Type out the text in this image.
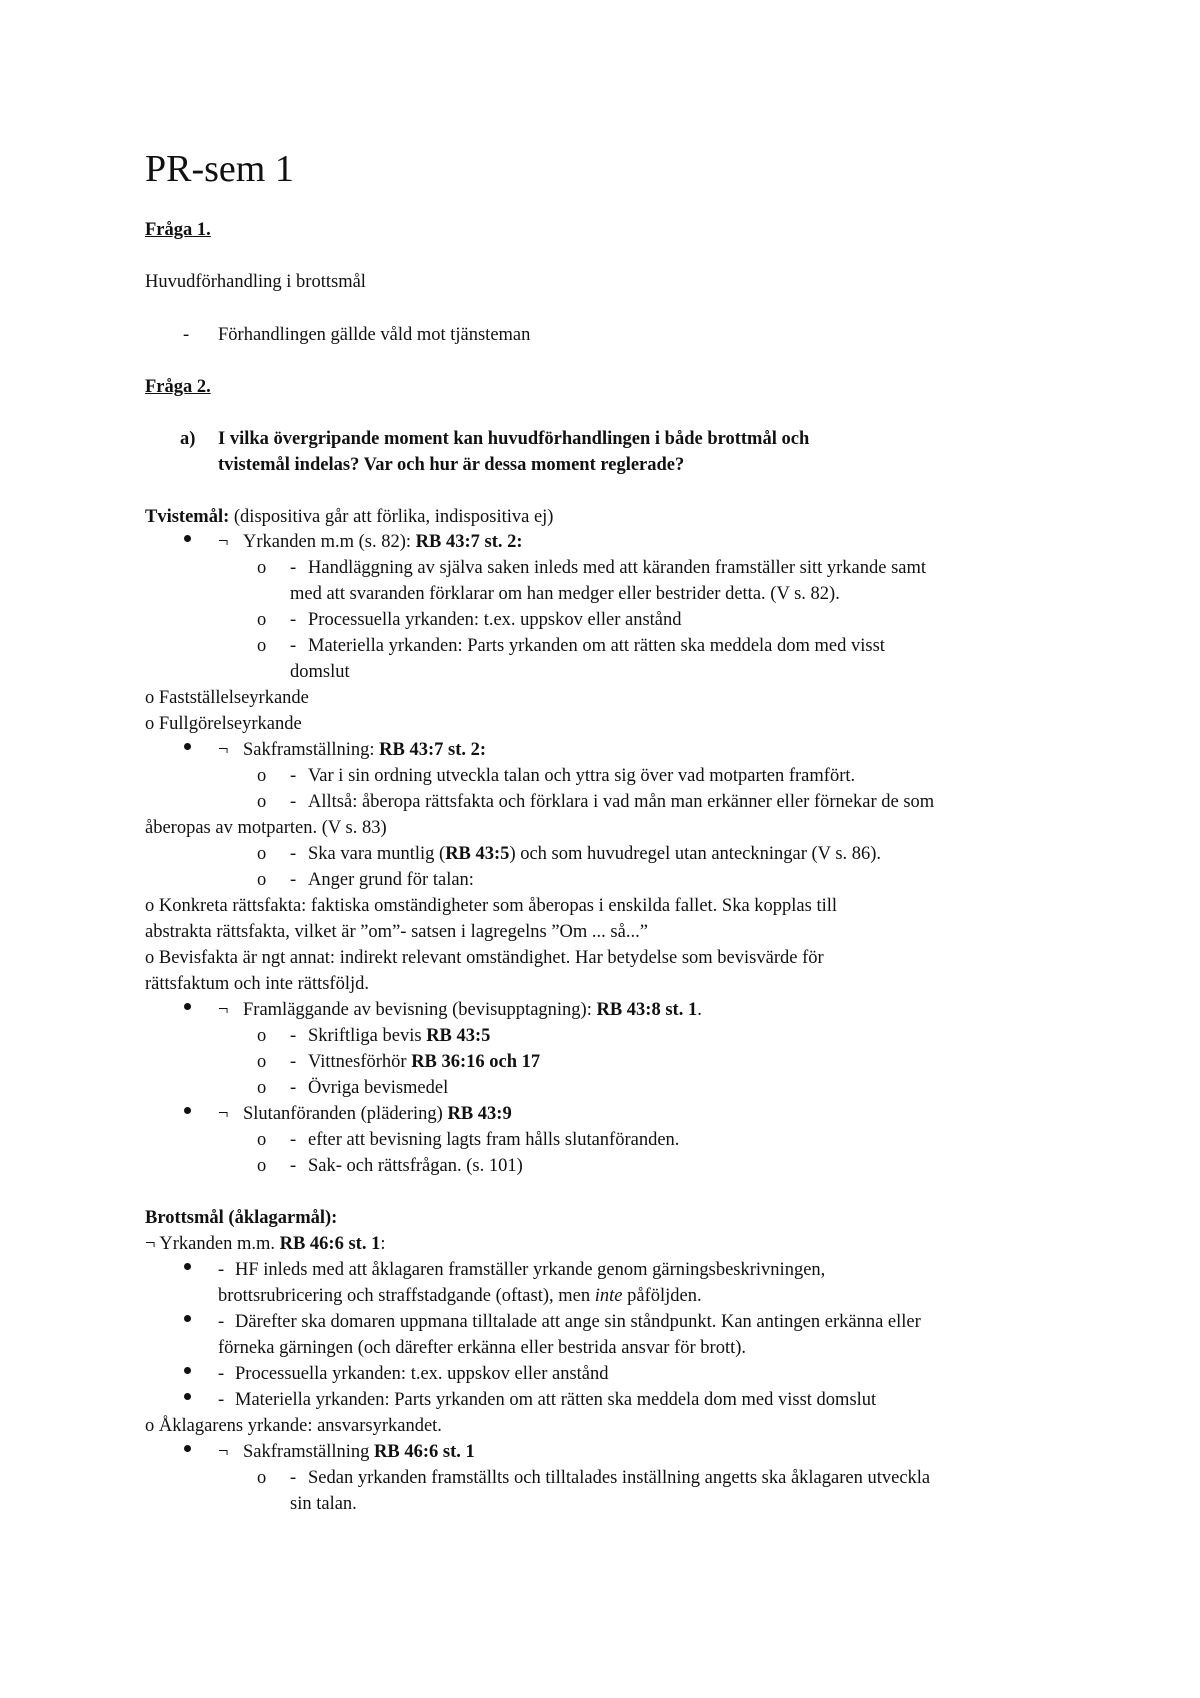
PR-sem 1
Fråga 1.
Huvudförhandling i brottsmål
- Förhandlingen gällde våld mot tjänsteman
Fråga 2.
a) I vilka övergripande moment kan huvudförhandlingen i både brottmål och
tvistemål indelas? Var och hur är dessa moment reglerade?
Tvistemål: (dispositiva går att förlika, indispositiva ej)
¬ Yrkanden m.m (s. 82): RB 43:7 st. 2:
o - Handläggning av själva saken inleds med att käranden framställer sitt yrkande samt
med att svaranden förklarar om han medger eller bestrider detta. (V s. 82).
o - Processuella yrkanden: t.ex. uppskov eller anstånd
o - Materiella yrkanden: Parts yrkanden om att rätten ska meddela dom med visst
domslut
o Fastställelseyrkande
o Fullgörelseyrkande
¬ Sakframställning: RB 43:7 st. 2:
o - Var i sin ordning utveckla talan och yttra sig över vad motparten framfört.
o - Alltså: åberopa rättsfakta och förklara i vad mån man erkänner eller förnekar de som
åberopas av motparten. (V s. 83)
o - Ska vara muntlig (RB 43:5) och som huvudregel utan anteckningar (V s. 86).
o - Anger grund för talan:
o Konkreta rättsfakta: faktiska omständigheter som åberopas i enskilda fallet. Ska kopplas till
abstrakta rättsfakta, vilket är ”om”- satsen i lagregelns ”Om ... så...”
o Bevisfakta är ngt annat: indirekt relevant omständighet. Har betydelse som bevisvärde för
rättsfaktum och inte rättsföljd.
¬ Framläggande av bevisning (bevisupptagning): RB 43:8 st. 1.
o - Skriftliga bevis RB 43:5
o - Vittnesförhör RB 36:16 och 17
o - Övriga bevismedel
¬ Slutanföranden (plädering) RB 43:9
o - efter att bevisning lagts fram hålls slutanföranden.
o - Sak- och rättsfrågan. (s. 101)
Brottsmål (åklagarmål):
¬ Yrkanden m.m. RB 46:6 st. 1:
- HF inleds med att åklagaren framställer yrkande genom gärningsbeskrivningen,
brottsrubricering och straffstadgande (oftast), men inte påföljden.
- Därefter ska domaren uppmana tilltalade att ange sin ståndpunkt. Kan antingen erkänna eller
förneka gärningen (och därefter erkänna eller bestrida ansvar för brott).
- Processuella yrkanden: t.ex. uppskov eller anstånd
- Materiella yrkanden: Parts yrkanden om att rätten ska meddela dom med visst domslut
o Åklagarens yrkande: ansvarsyrkandet.
¬ Sakframställning RB 46:6 st. 1
o - Sedan yrkanden framställts och tilltalades inställning angetts ska åklagaren utveckla
sin talan.
